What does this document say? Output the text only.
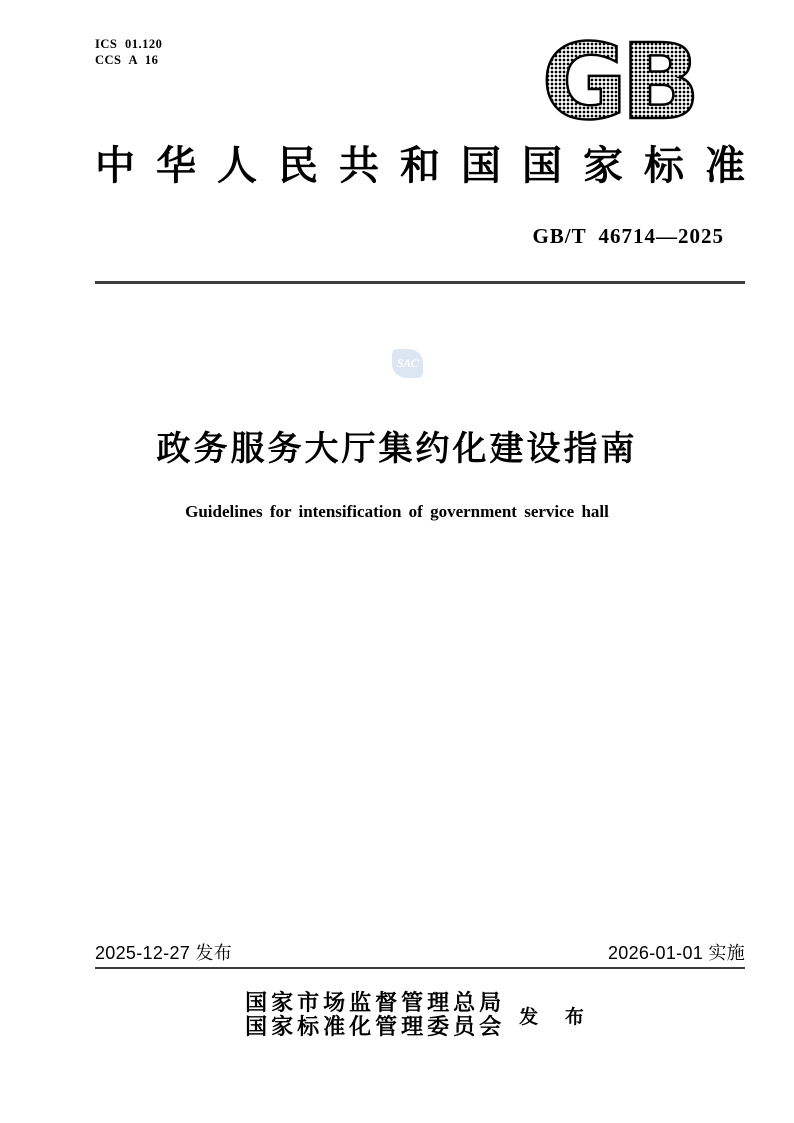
ICS 01.120
CCS A 16	GB
中华人民共和国国家标准
GB/T 46714—2025
SAC
政务服务大厅集约化建设指南
Guidelines for intensification of government service hall
2025-12-27 发布	2026-01-01 实施
国家市场监督管理总局
国家标准化管理委员会 发 布
